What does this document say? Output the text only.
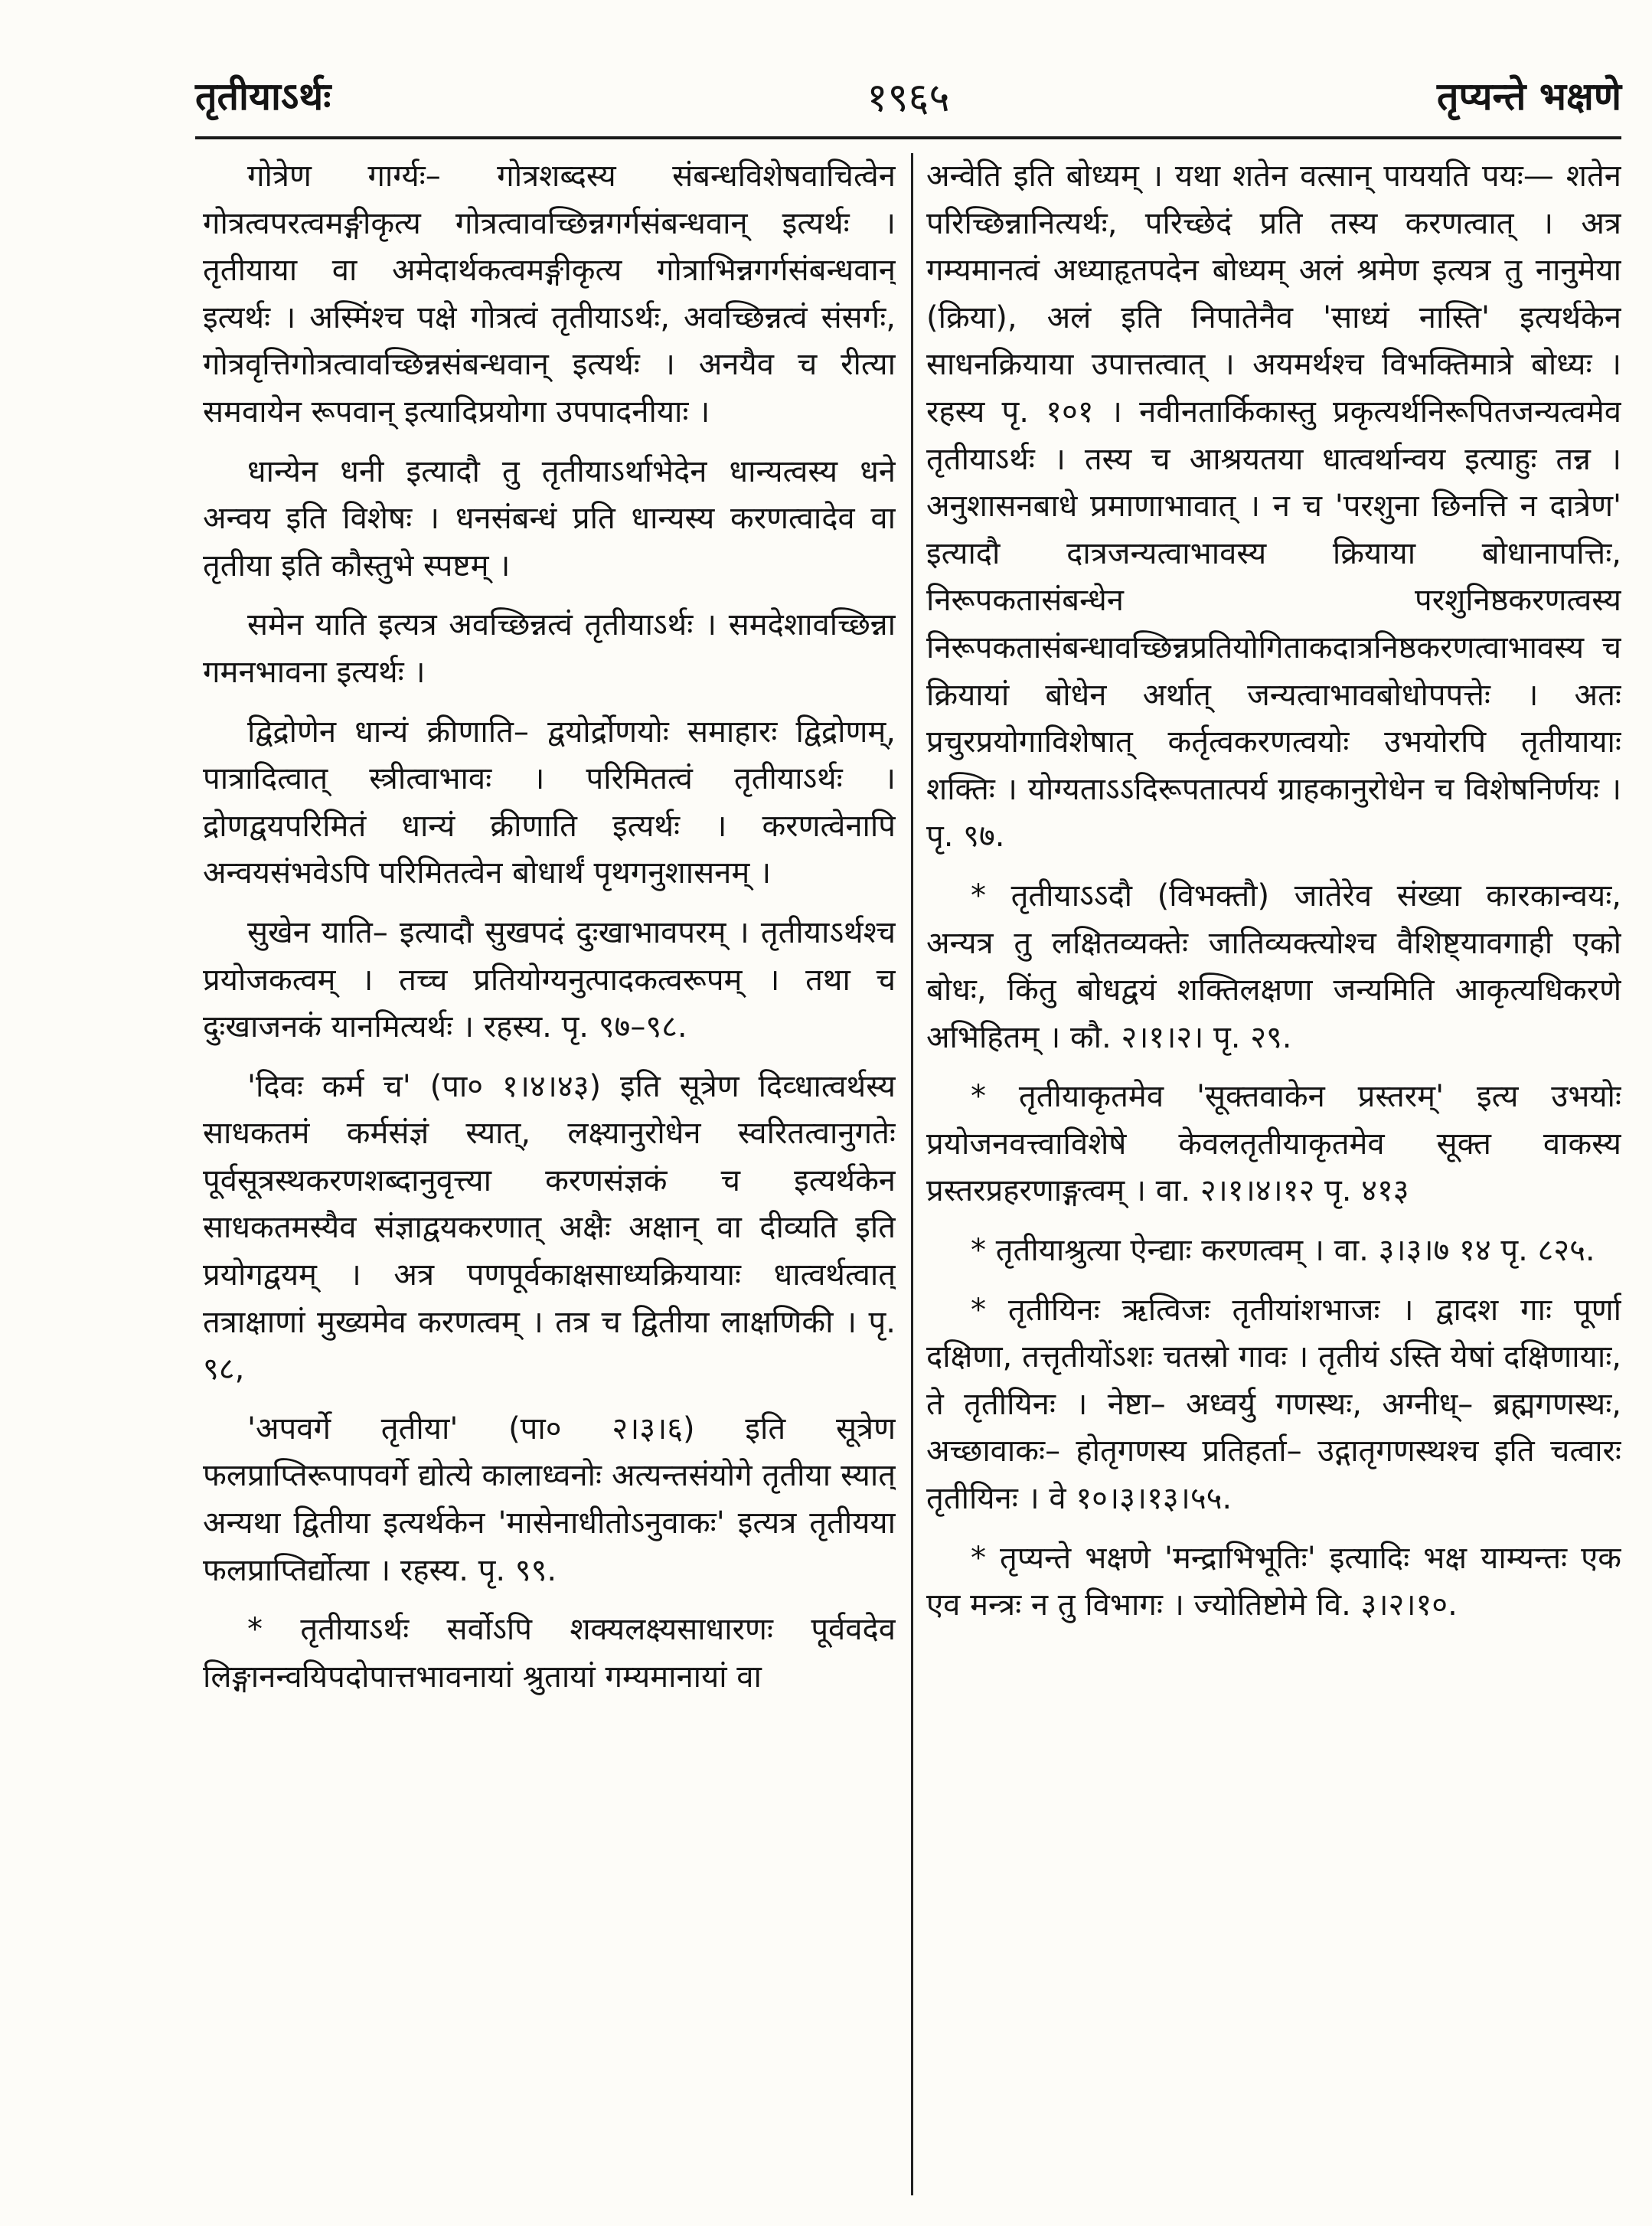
१९६५
तृतीयाऽर्थः	तृप्यन्ते भक्षणे

गोत्रेण गार्ग्यः– गोत्रशब्दस्य संबन्धविशेषवाचित्वेन गोत्रत्वपरत्वमङ्गीकृत्य गोत्रत्वावच्छिन्नगर्गसंबन्धवान् इत्यर्थः । तृतीयाया वा अमेदार्थकत्वमङ्गीकृत्य गोत्राभिन्नगर्गसंबन्धवान् इत्यर्थः । अस्मिंश्च पक्षे गोत्रत्वं तृतीयाऽर्थः, अवच्छिन्नत्वं संसर्गः, गोत्रवृत्तिगोत्रत्वावच्छिन्नसंबन्धवान् इत्यर्थः । अनयैव च रीत्या समवायेन रूपवान् इत्यादिप्रयोगा उपपादनीयाः ।

धान्येन धनी इत्यादौ तु तृतीयाऽर्थाभेदेन धान्यत्वस्य धने अन्वय इति विशेषः । धनसंबन्धं प्रति धान्यस्य करणत्वादेव वा तृतीया इति कौस्तुभे स्पष्टम् ।

समेन याति इत्यत्र अवच्छिन्नत्वं तृतीयाऽर्थः । समदेशावच्छिन्ना गमनभावना इत्यर्थः ।

द्विद्रोणेन धान्यं क्रीणाति– द्वयोर्द्रोणयोः समाहारः द्विद्रोणम्, पात्रादित्वात् स्त्रीत्वाभावः । परिमितत्वं तृतीयाऽर्थः । द्रोणद्वयपरिमितं धान्यं क्रीणाति इत्यर्थः । करणत्वेनापि अन्वयसंभवेऽपि परिमितत्वेन बोधार्थं पृथगनुशासनम् ।

सुखेन याति– इत्यादौ सुखपदं दुःखाभावपरम् । तृतीयाऽर्थश्च प्रयोजकत्वम् । तच्च प्रतियोग्यनुत्पादकत्वरूपम् । तथा च दुःखाजनकं यानमित्यर्थः । रहस्य. पृ. ९७–९८.

'दिवः कर्म च' (पा० १।४।४३) इति सूत्रेण दिव्धात्वर्थस्य साधकतमं कर्मसंज्ञं स्यात्, लक्ष्यानुरोधेन स्वरितत्वानुगतेः पूर्वसूत्रस्थकरणशब्दानुवृत्त्या करणसंज्ञकं च इत्यर्थकेन साधकतमस्यैव संज्ञाद्वयकरणात् अक्षैः अक्षान् वा दीव्यति इति प्रयोगद्वयम् । अत्र पणपूर्वकाक्षसाध्यक्रियायाः धात्वर्थत्वात् तत्राक्षाणां मुख्यमेव करणत्वम् । तत्र च द्वितीया लाक्षणिकी । पृ. ९८,

'अपवर्गे तृतीया' (पा० २।३।६) इति सूत्रेण फलप्राप्तिरूपापवर्गे द्योत्ये कालाध्वनोः अत्यन्तसंयोगे तृतीया स्यात् अन्यथा द्वितीया इत्यर्थकेन 'मासेनाधीतोऽनुवाकः' इत्यत्र तृतीयया फलप्राप्तिर्द्योत्या । रहस्य. पृ. ९९.

* तृतीयाऽर्थः सर्वोऽपि शक्यलक्ष्यसाधारणः पूर्ववदेव लिङ्गानन्वयिपदोपात्तभावनायां श्रुतायां गम्यमानायां वा

अन्वेति इति बोध्यम् । यथा शतेन वत्सान् पाययति पयः— शतेन परिच्छिन्नानित्यर्थः, परिच्छेदं प्रति तस्य करणत्वात् । अत्र गम्यमानत्वं अध्याहृतपदेन बोध्यम् अलं श्रमेण इत्यत्र तु नानुमेया (क्रिया), अलं इति निपातेनैव 'साध्यं नास्ति' इत्यर्थकेन साधनक्रियाया उपात्तत्वात् । अयमर्थश्च विभक्तिमात्रे बोध्यः । रहस्य पृ. १०१ । नवीनतार्किकास्तु प्रकृत्यर्थनिरूपितजन्यत्वमेव तृतीयाऽर्थः । तस्य च आश्रयतया धात्वर्थान्वय इत्याहुः तन्न । अनुशासनबाधे प्रमाणाभावात् । न च 'परशुना छिनत्ति न दात्रेण' इत्यादौ दात्रजन्यत्वाभावस्य क्रियाया बोधानापत्तिः, निरूपकतासंबन्धेन परशुनिष्ठकरणत्वस्य निरूपकतासंबन्धावच्छिन्नप्रतियोगिताकदात्रनिष्ठकरणत्वाभावस्य च क्रियायां बोधेन अर्थात् जन्यत्वाभावबोधोपपत्तेः । अतः प्रचुरप्रयोगाविशेषात् कर्तृत्वकरणत्वयोः उभयोरपि तृतीयायाः शक्तिः । योग्यताऽऽदिरूपतात्पर्य ग्राहकानुरोधेन च विशेषनिर्णयः । पृ. ९७.

* तृतीयाऽऽदौ (विभक्तौ) जातेरेव संख्या कारकान्वयः, अन्यत्र तु लक्षितव्यक्तेः जातिव्यक्त्योश्च वैशिष्ट्यावगाही एको बोधः, किंतु बोधद्वयं शक्तिलक्षणा जन्यमिति आकृत्यधिकरणे अभिहितम् । कौ. २।१।२। पृ. २९.

* तृतीयाकृतमेव 'सूक्तवाकेन प्रस्तरम्' इत्य उभयोः प्रयोजनवत्त्वाविशेषे केवलतृतीयाकृतमेव सूक्त वाकस्य प्रस्तरप्रहरणाङ्गत्वम् । वा. २।१।४।१२ पृ. ४१३

* तृतीयाश्रुत्या ऐन्द्याः करणत्वम् । वा. ३।३।७ १४ पृ. ८२५.

* तृतीयिनः ऋत्विजः तृतीयांशभाजः । द्वादश गाः पूर्णा दक्षिणा, तत्तृतीयोंऽशः चतस्रो गावः । तृतीयं ऽस्ति येषां दक्षिणायाः, ते तृतीयिनः । नेष्टा– अध्वर्यु गणस्थः, अग्नीध्– ब्रह्मगणस्थः, अच्छावाकः– होतृगणस्य प्रतिहर्ता– उद्गातृगणस्थश्च इति चत्वारः तृतीयिनः । वे १०।३।१३।५५.

* तृप्यन्ते भक्षणे 'मन्द्राभिभूतिः' इत्यादिः भक्ष याम्यन्तः एक एव मन्त्रः न तु विभागः । ज्योतिष्टोमे वि. ३।२।१०.
